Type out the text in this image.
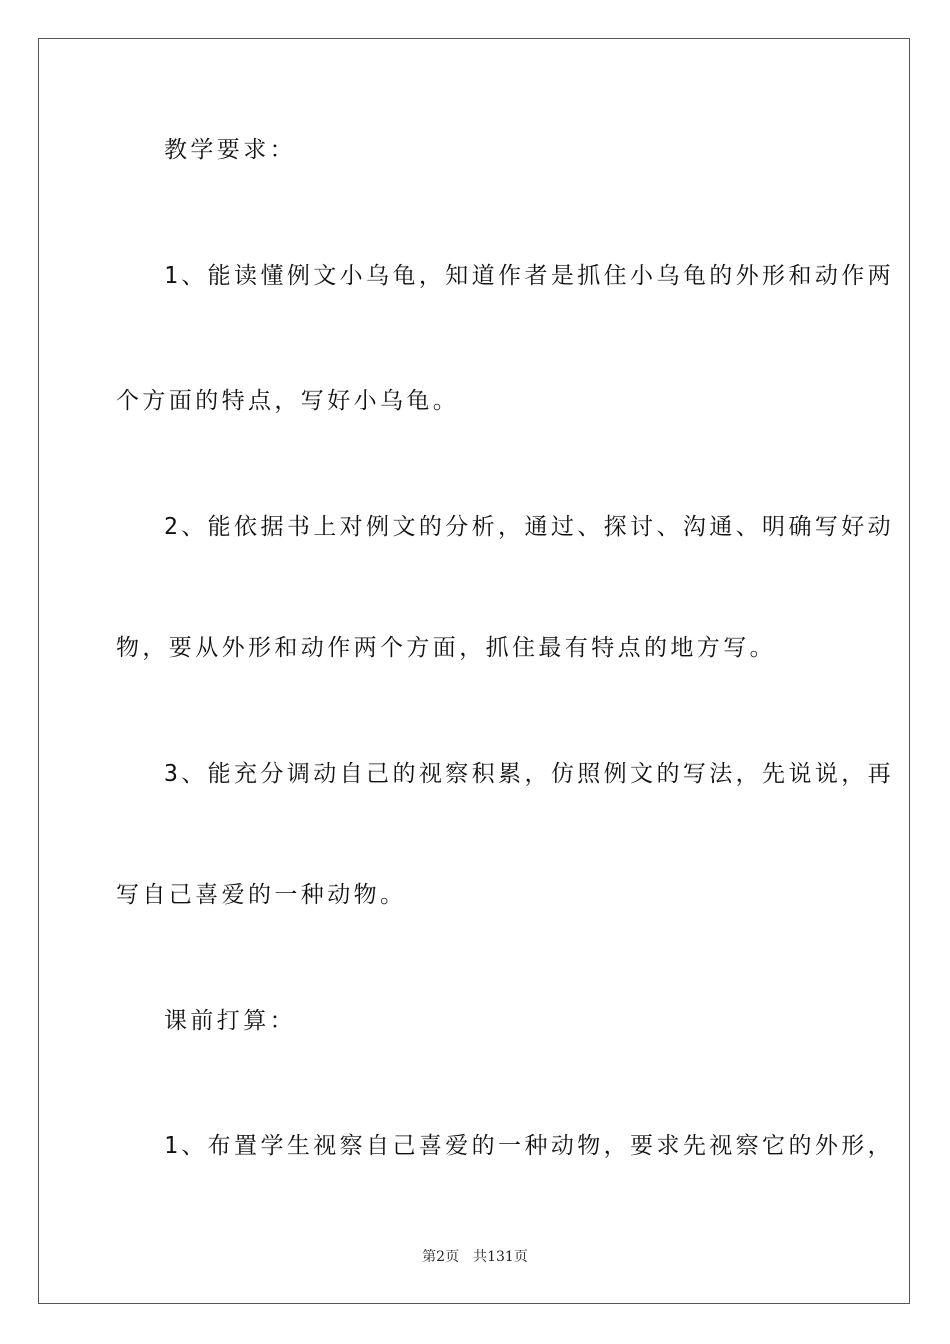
教学要求：

1、能读懂例文小乌龟，知道作者是抓住小乌龟的外形和动作两

个方面的特点，写好小乌龟。

2、能依据书上对例文的分析，通过、探讨、沟通、明确写好动

物，要从外形和动作两个方面，抓住最有特点的地方写。

3、能充分调动自己的视察积累，仿照例文的写法，先说说，再

写自己喜爱的一种动物。

课前打算：

1、布置学生视察自己喜爱的一种动物，要求先视察它的外形，

第2页 共131页
